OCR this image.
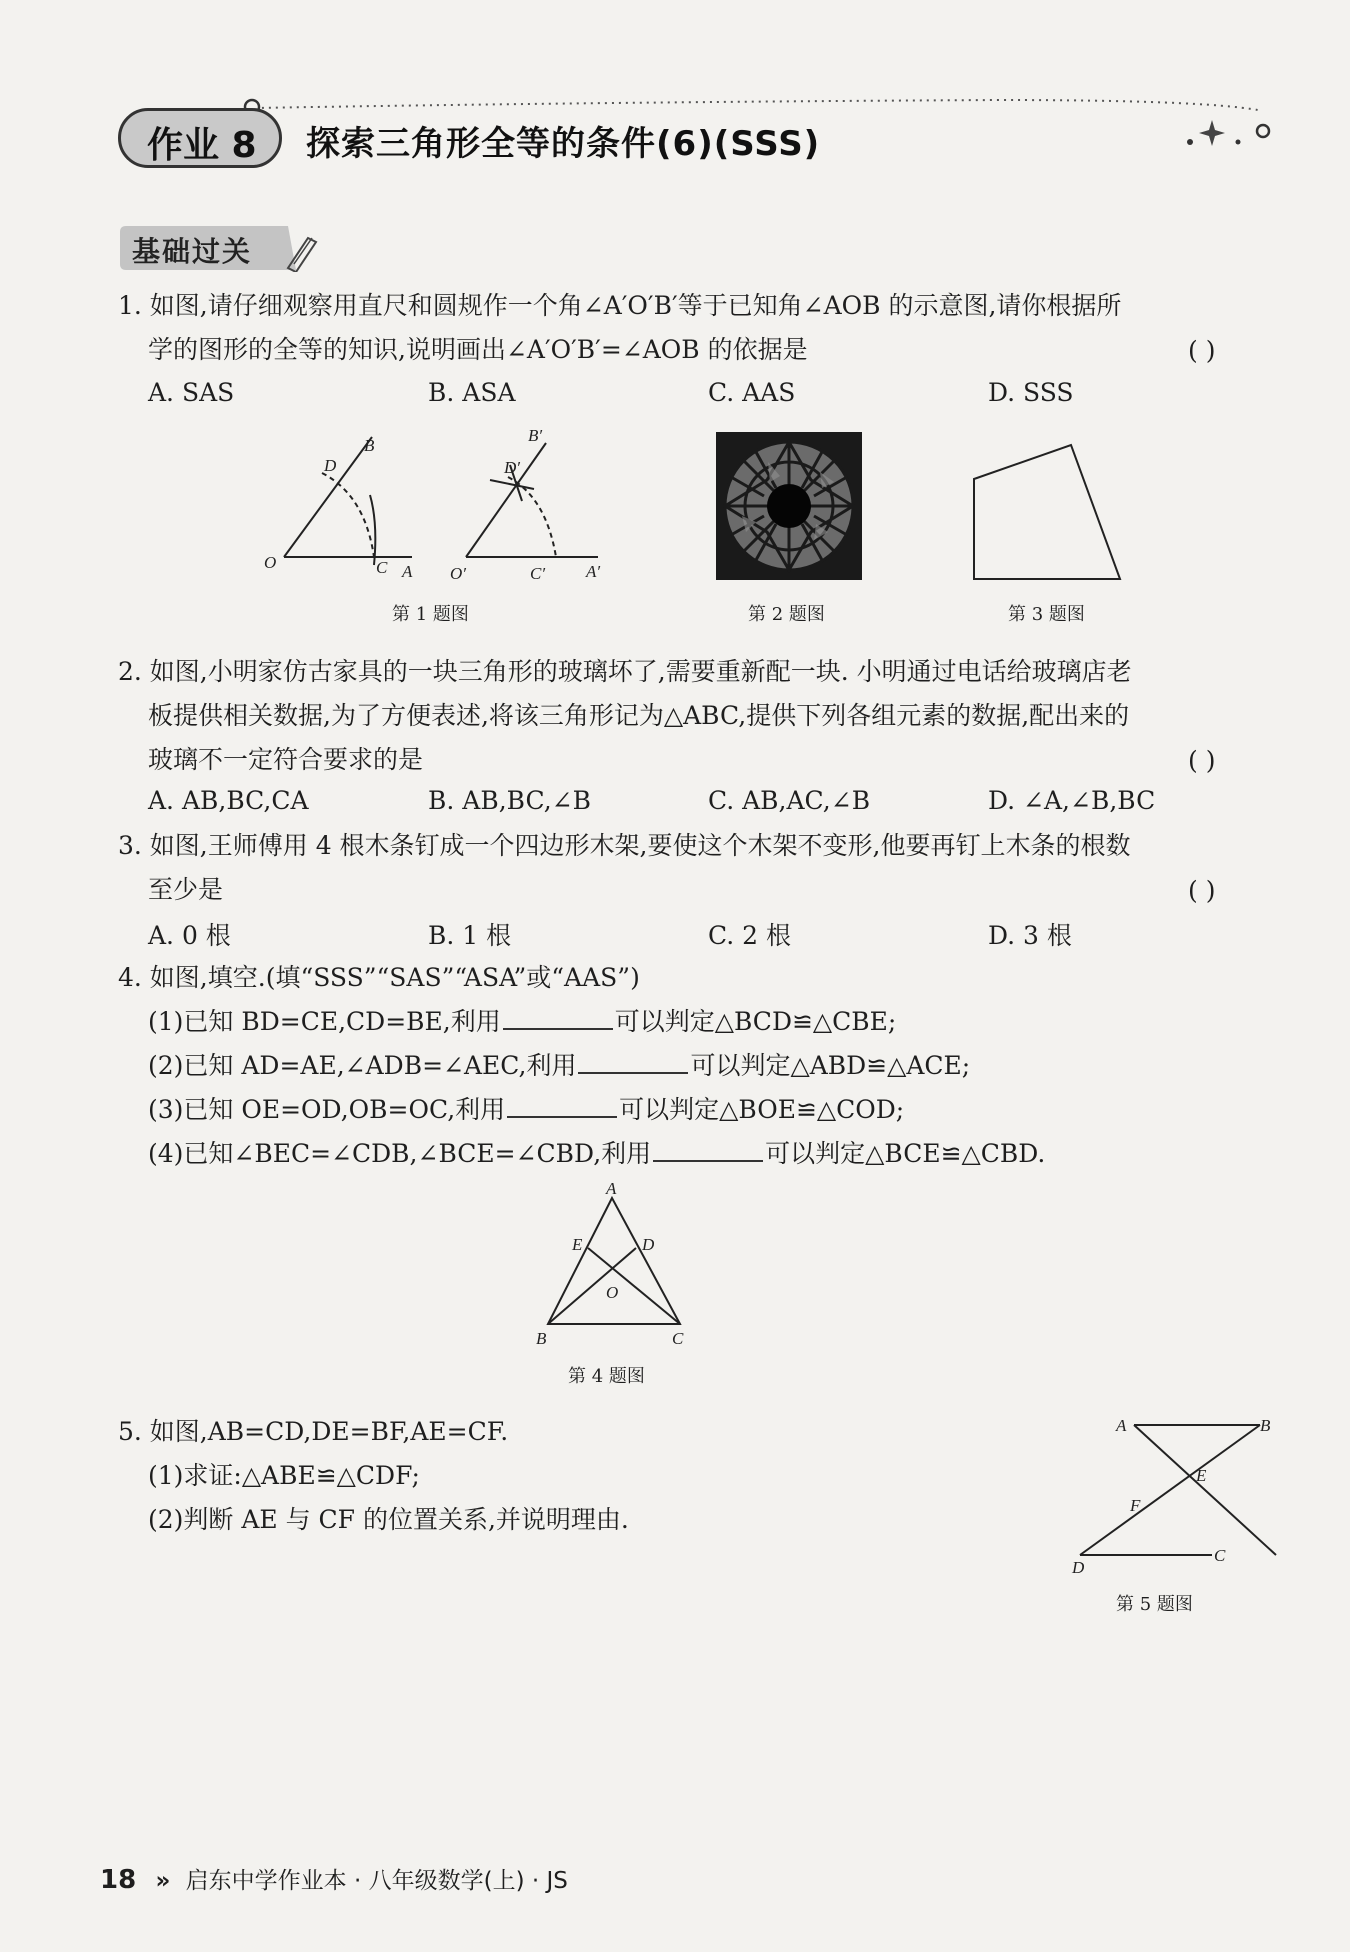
作业 8 探索三角形全等的条件(6)(SSS)
基础过关
1. 如图,请仔细观察用直尺和圆规作一个角∠A′O′B′等于已知角∠AOB 的示意图,请你根据所
学的图形的全等的知识,说明画出∠A′O′B′=∠AOB 的依据是	( )
A. SAS	B. ASA	C. AAS	D. SSS
B
D
O	C A
B′
D′
O′	C′ A′
第 1 题图	第 2 题图	第 3 题图
2. 如图,小明家仿古家具的一块三角形的玻璃坏了,需要重新配一块. 小明通过电话给玻璃店老
板提供相关数据,为了方便表述,将该三角形记为△ABC,提供下列各组元素的数据,配出来的
玻璃不一定符合要求的是	( )
A. AB,BC,CA	B. AB,BC,∠B	C. AB,AC,∠B	D. ∠A,∠B,BC
3. 如图,王师傅用 4 根木条钉成一个四边形木架,要使这个木架不变形,他要再钉上木条的根数
至少是	( )
A. 0 根	B. 1 根	C. 2 根	D. 3 根
4. 如图,填空.(填“SSS”“SAS”“ASA”或“AAS”)
(1)已知 BD=CE,CD=BE,利用	可以判定△BCD≌△CBE;
(2)已知 AD=AE,∠ADB=∠AEC,利用	可以判定△ABD≌△ACE;
(3)已知 OE=OD,OB=OC,利用	可以判定△BOE≌△COD;
(4)已知∠BEC=∠CDB,∠BCE=∠CBD,利用	可以判定△BCE≌△CBD.
A
E	D
O
B	C
第 4 题图
5. 如图,AB=CD,DE=BF,AE=CF.
(1)求证:△ABE≌△CDF;
(2)判断 AE 与 CF 的位置关系,并说明理由.
A	B
E
F
D
C
第 5 题图
18 » 启东中学作业本 · 八年级数学(上) · JS
